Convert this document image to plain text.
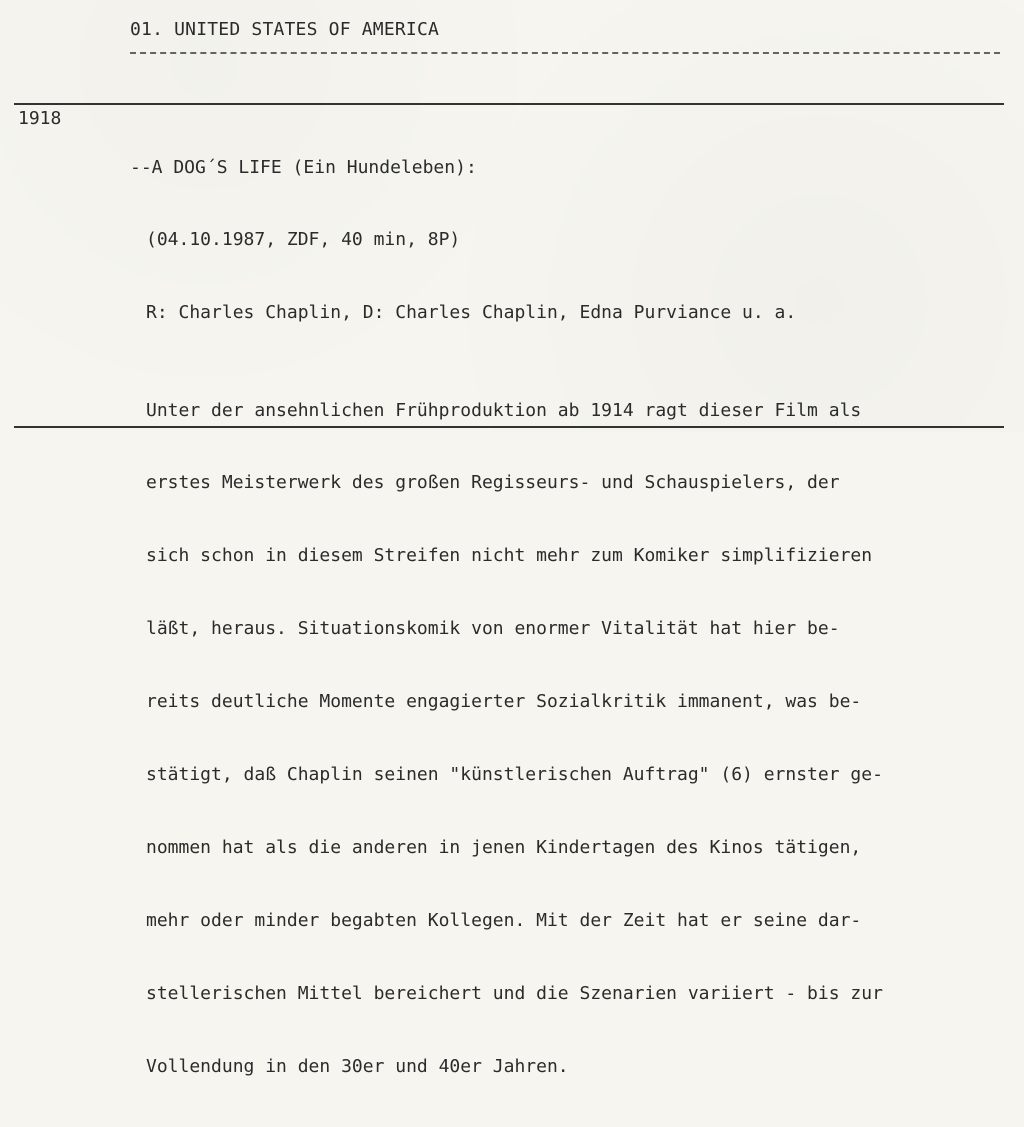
01. UNITED STATES OF AMERICA
1918

--A DOG´S LIFE (Ein Hundeleben):

(04.10.1987, ZDF, 40 min, 8P)

R: Charles Chaplin, D: Charles Chaplin, Edna Purviance u. a.

Unter der ansehnlichen Frühproduktion ab 1914 ragt dieser Film als

erstes Meisterwerk des großen Regisseurs- und Schauspielers, der

sich schon in diesem Streifen nicht mehr zum Komiker simplifizieren

läßt, heraus. Situationskomik von enormer Vitalität hat hier be-

reits deutliche Momente engagierter Sozialkritik immanent, was be-

stätigt, daß Chaplin seinen "künstlerischen Auftrag" (6) ernster ge-

nommen hat als die anderen in jenen Kindertagen des Kinos tätigen,

mehr oder minder begabten Kollegen. Mit der Zeit hat er seine dar-

stellerischen Mittel bereichert und die Szenarien variiert - bis zur

Vollendung in den 30er und 40er Jahren.
